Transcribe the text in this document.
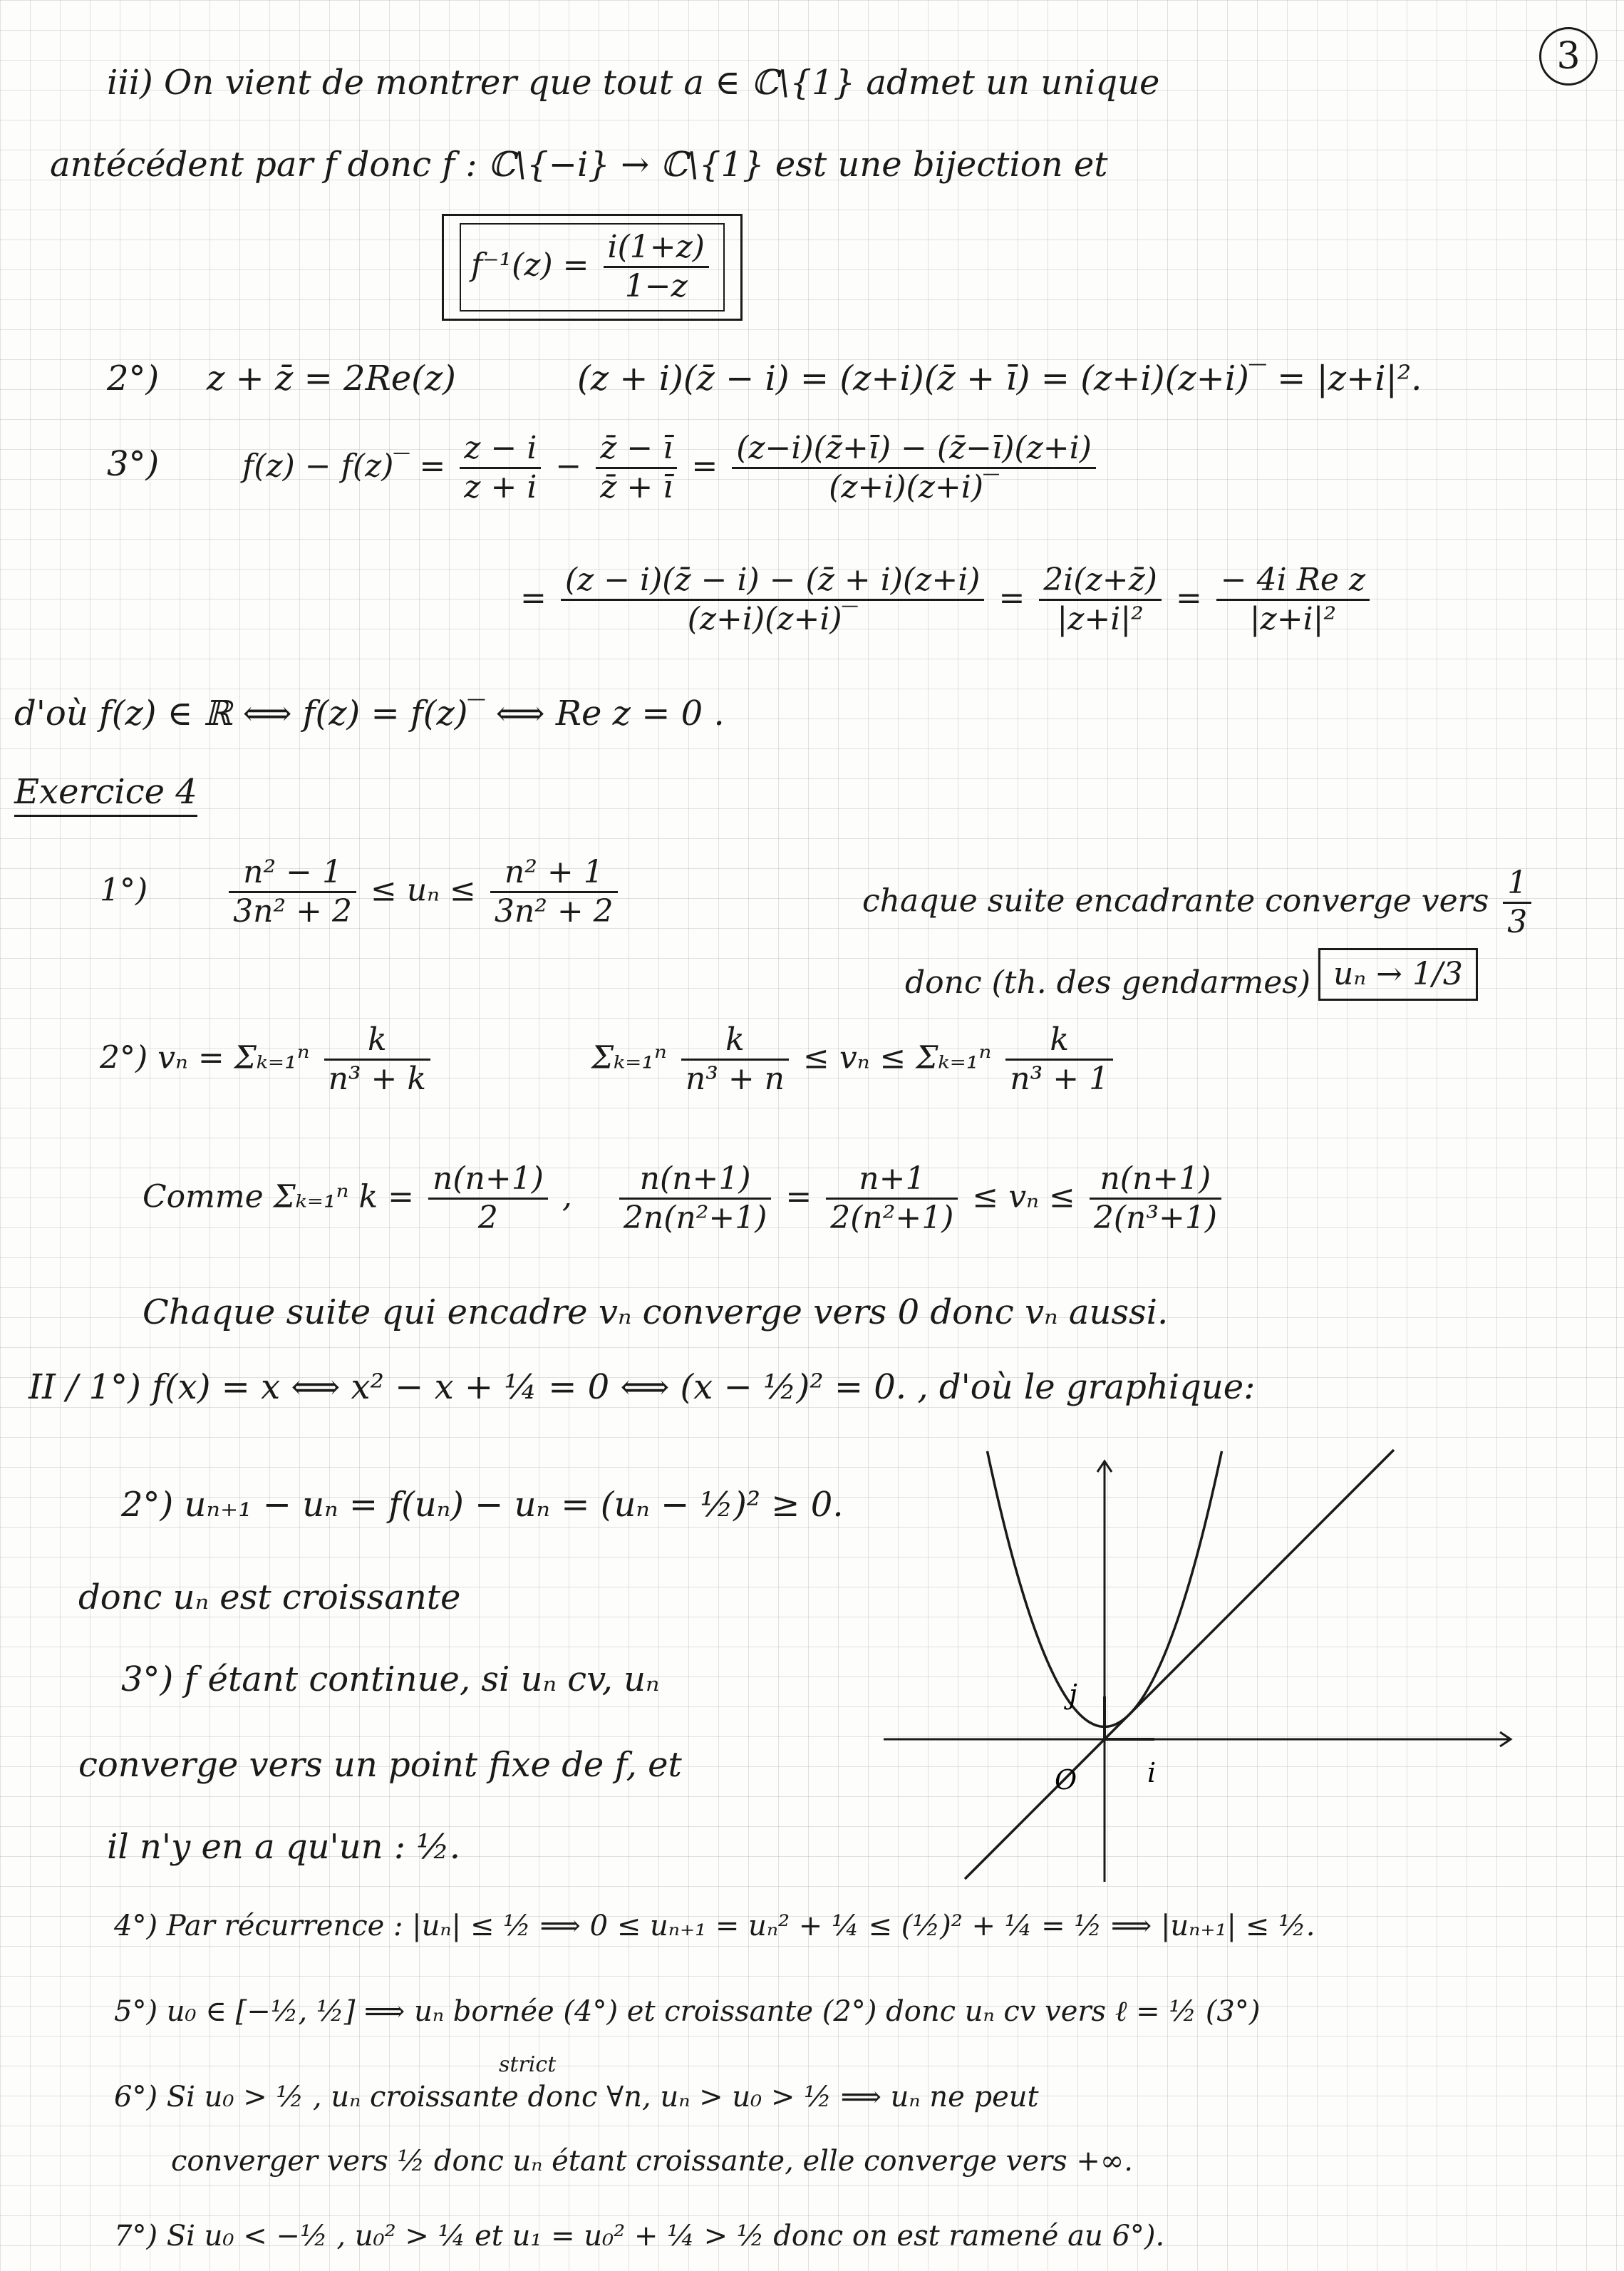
3
iii) On vient de montrer que tout a ∈ ℂ\{1} admet un unique
antécédent par f donc f : ℂ\{−i} → ℂ\{1} est une bijection et
$f^{-1}(z) = \frac{i(1+z)}{1-z}$
2°) z + z̄ = 2Re(z)	(z + i)(z̄ − i) = (z+i)(z̄ + ī) = (z+i)(z+i)‾ = |z+i|².
3°)	f(z) − f(z)‾ = $\frac{z - i}{z + i} - \frac{z̄ - ī}{z̄ + ī} = \frac{(z-i)(z̄+ī) - (z̄-ī)(z+i)}{(z+i)(z+i)‾}$
= $\frac{(z - i)(z̄ - i) - (z̄ + i)(z+i)}{(z+i)(z+i)‾} = \frac{2i(z+z̄)}{\text{|z+i|²}} = \frac{\text{− 4i Re z}}{\text{|z+i|²}}$
d'où f(z) ∈ ℝ ⟺ f(z) = f(z)‾ ⟺ Re z = 0 .
Exercice 4
1°)	$\frac{\text{n² − 1}}{\text{3n² + 2}} \le u_n \le \frac{\text{n² + 1}}{\text{3n² + 2}}$	chaque suite encadrante converge vers $\frac{1}{3}$
donc (th. des gendarmes) uₙ → 1/3
2°) $v_n = \Sigma_{k=1}^n \frac{k}{\text{n³ + k}}$	$\Sigma_{k=1}^n \frac{k}{\text{n³ + n}} \le v_n \le \Sigma_{k=1}^n \frac{k}{\text{n³ + 1}}$
Comme Σₖ₌₁ⁿ $k = \frac{n(n+1)}{2}$ , $\frac{n(n+1)}{\text{2n(n²+1)}} = \frac{n+1}{\text{2(n²+1)}} \le v_n \le \frac{n(n+1)}{\text{2(n³+1)}}$
Chaque suite qui encadre vₙ converge vers 0 donc vₙ aussi.
II / 1°) f(x) = x ⟺ x² − x + ¼ = 0 ⟺ (x − ½)² = 0. , d'où le graphique:
2°) uₙ₊₁ − uₙ = f(uₙ) − uₙ = (uₙ − ½)² ≥ 0.
donc uₙ est croissante
3°) f étant continue, si uₙ cv, uₙ
converge vers un point fixe de f, et
il n'y en a qu'un : ½.
4°) Par récurrence : |uₙ| ≤ ½ ⟹ 0 ≤ uₙ₊₁ = uₙ² + ¼ ≤ (½)² + ¼ = ½ ⟹ |uₙ₊₁| ≤ ½.
5°) u₀ ∈ [−½, ½] ⟹ uₙ bornée (4°) et croissante (2°) donc uₙ cv vers ℓ = ½ (3°)
strict
6°) Si u₀ > ½ , uₙ croissante donc ∀n, uₙ > u₀ > ½ ⟹ uₙ ne peut
converger vers ½ donc uₙ étant croissante, elle converge vers +∞.
7°) Si u₀ < −½ , u₀² > ¼ et u₁ = u₀² + ¼ > ½ donc on est ramené au 6°).
O	i
j
